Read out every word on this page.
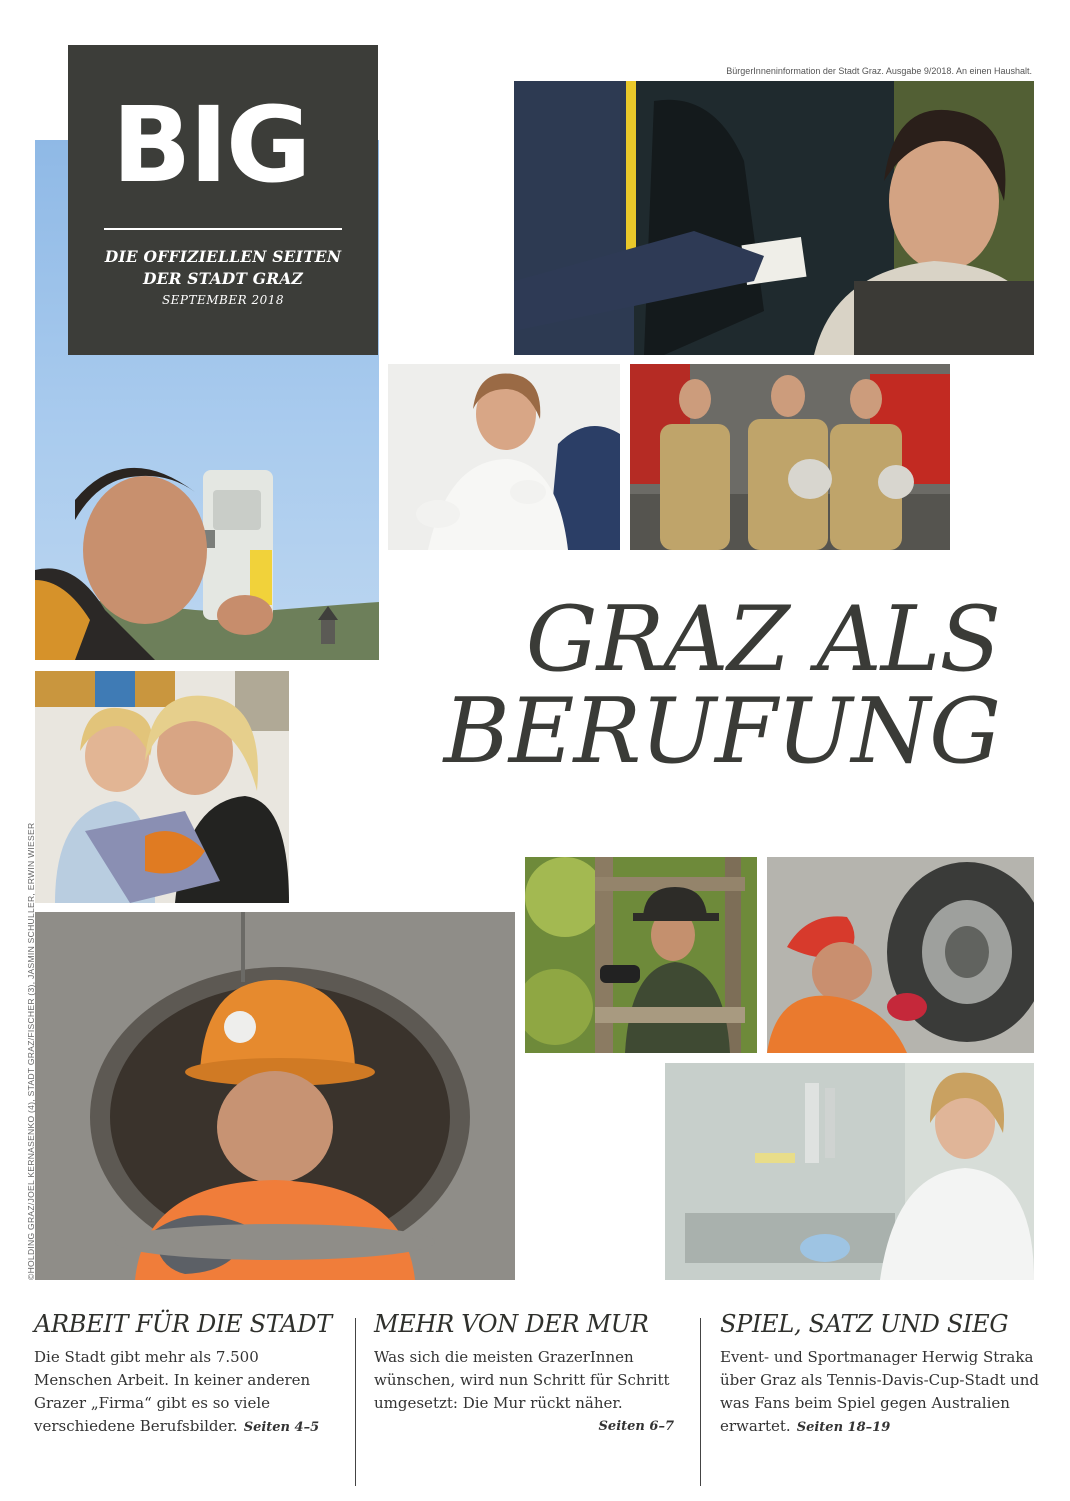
BIG
DIE OFFIZIELLEN SEITEN
DER STADT GRAZ
SEPTEMBER 2018
BürgerInneninformation der Stadt Graz. Ausgabe 9/2018. An einen Haushalt.
GRAZ ALS
BERUFUNG
©HOLDING GRAZ/JOEL KERNASENKO (4), STADT GRAZ/FISCHER (3), JASMIN SCHULLER, ERWIN WIESER
ARBEIT FÜR DIE STADT

Die Stadt gibt mehr als 7.500 Menschen Arbeit. In keiner anderen Grazer „Firma“ gibt es so viele verschiedene Berufsbilder. Seiten 4–5

MEHR VON DER MUR

Was sich die meisten GrazerInnen wünschen, wird nun Schritt für Schritt umgesetzt: Die Mur rückt näher.
Seiten 6–7

SPIEL, SATZ UND SIEG

Event- und Sportmanager Herwig Straka über Graz als Tennis-Davis-Cup-Stadt und was Fans beim Spiel gegen Australien erwartet. Seiten 18–19
